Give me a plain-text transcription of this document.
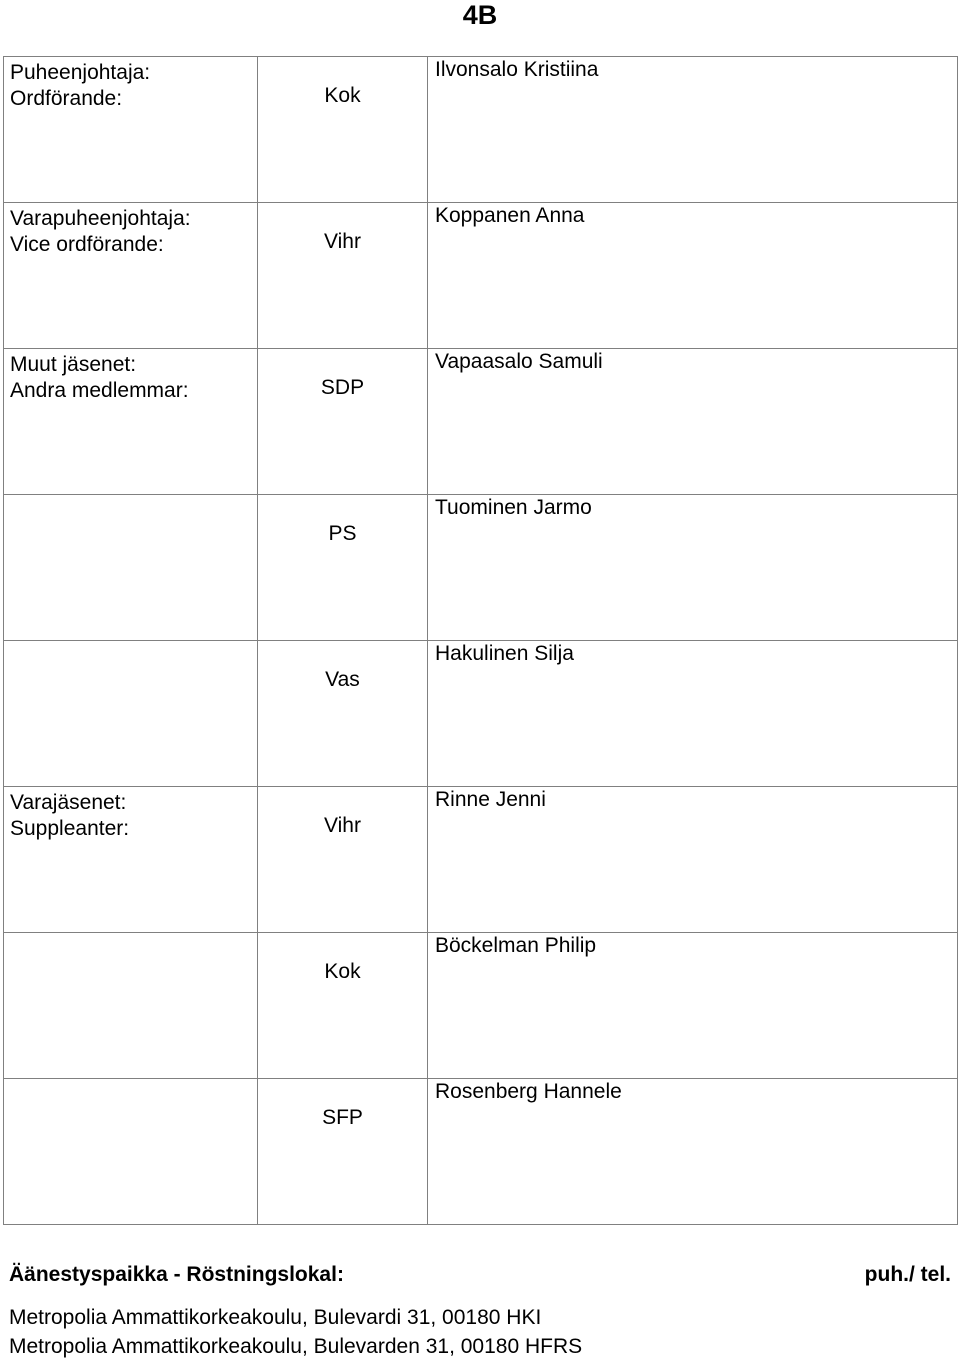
4B
Puheenjohtaja:
Ordförande:	Kok	Ilvonsalo Kristiina

Varapuheenjohtaja:
Vice ordförande:	Vihr	Koppanen Anna

Muut jäsenet:
Andra medlemmar:	SDP	Vapaasalo Samuli

	PS	Tuominen Jarmo

	Vas	Hakulinen Silja

Varajäsenet:
Suppleanter:	Vihr	Rinne Jenni

	Kok	Böckelman Philip

	SFP	Rosenberg Hannele
Äänestyspaikka - Röstningslokal:	puh./ tel.
Metropolia Ammattikorkeakoulu, Bulevardi 31, 00180 HKI
Metropolia Ammattikorkeakoulu, Bulevarden 31, 00180 HFRS
